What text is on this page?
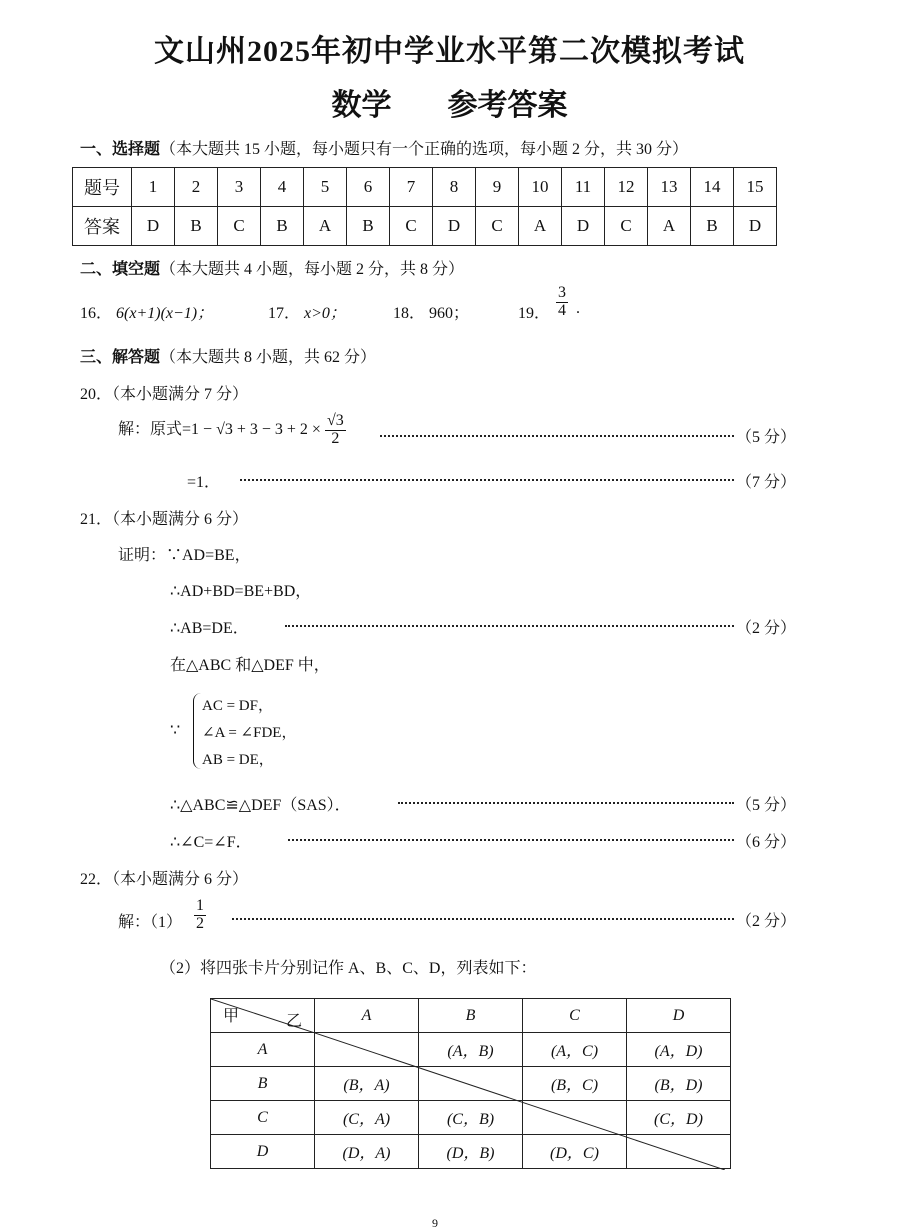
文山州2025年初中学业水平第二次模拟考试
数学 参考答案
一、选择题（本大题共 15 小题，每小题只有一个正确的选项，每小题 2 分，共 30 分）
题号	1	2	3	4	5	6	7	8	9	10	11	12	13	14	15
答案	D	B	C	B	A	B	C	D	C	A	D	C	A	B	D
二、填空题（本大题共 4 小题，每小题 2 分，共 8 分）
16． 6(x+1)(x−1)；	17． x>0；	18． 960；	19． $\frac{3}{4}$ .
三、解答题（本大题共 8 小题，共 62 分）
20．（本小题满分 7 分）
解：原式$=1 - √3 + 3 - 3 + 2 \times \frac{√3}{2}$	（5 分）
=1．	（7 分）
21．（本小题满分 6 分）
证明：∵AD=BE，
∴AD+BD=BE+BD，
∴AB=DE．	（2 分）
在△ABC 和△DEF 中，
∵
AC = DF，
∠A = ∠FDE，
AB = DE，
∴△ABC≌△DEF（SAS）．	（5 分）
∴∠C=∠F．	（6 分）
22．（本小题满分 6 分）
解：$(1) \frac{1}{2}$	（2 分）
（2）将四张卡片分别记作 A、B、C、D，列表如下：
甲 乙	A	B	C	D
A		(A，B)	(A，C)	(A，D)
B	(B，A)		(B，C)	(B，D)
C	(C，A)	(C，B)		(C，D)
D	(D，A)	(D，B)	(D，C)	
9
